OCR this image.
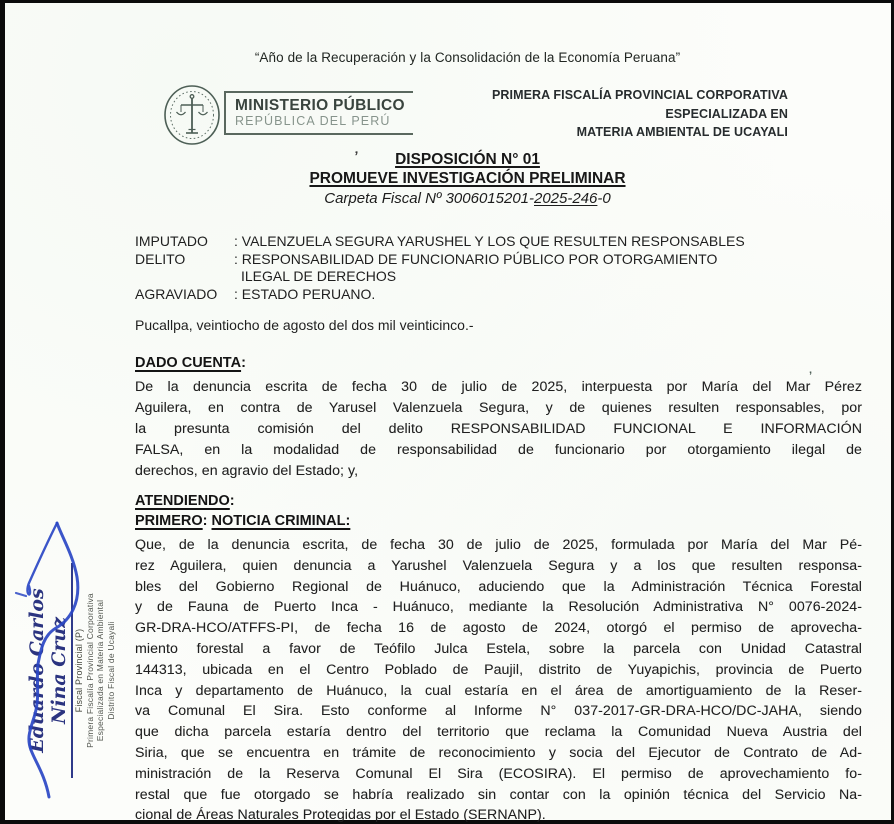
“Año de la Recuperación y la Consolidación de la Economía Peruana”
MINISTERIO PÚBLICO
REPÚBLICA DEL PERÚ
PRIMERA FISCALÍA PROVINCIAL CORPORATIVA ESPECIALIZADA EN
MATERIA AMBIENTAL DE UCAYALI
’
’
DISPOSICIÓN N° 01
PROMUEVE INVESTIGACIÓN PRELIMINAR
Carpeta Fiscal Nº 3006015201-2025-246-0
IMPUTADO : VALENZUELA SEGURA YARUSHEL Y LOS QUE RESULTEN RESPONSABLES
DELITO	: RESPONSABILIDAD DE FUNCIONARIO PÚBLICO POR OTORGAMIENTO
ILEGAL DE DERECHOS
AGRAVIADO : ESTADO PERUANO.
Pucallpa, veintiocho de agosto del dos mil veinticinco.-
DADO CUENTA:
De la denuncia escrita de fecha 30 de julio de 2025, interpuesta por María del Mar Pérez
Aguilera, en contra de Yarusel Valenzuela Segura, y de quienes resulten responsables, por
la presunta comisión del delito RESPONSABILIDAD FUNCIONAL E INFORMACIÓN
FALSA, en la modalidad de responsabilidad de funcionario por otorgamiento ilegal de
derechos, en agravio del Estado; y,
ATENDIENDO:
PRIMERO: NOTICIA CRIMINAL:
Que, de la denuncia escrita, de fecha 30 de julio de 2025, formulada por María del Mar Pé-
rez Aguilera, quien denuncia a Yarushel Valenzuela Segura y a los que resulten responsa-
bles del Gobierno Regional de Huánuco, aduciendo que la Administración Técnica Forestal
y de Fauna de Puerto Inca - Huánuco, mediante la Resolución Administrativa N° 0076-2024-
GR-DRA-HCO/ATFFS-PI, de fecha 16 de agosto de 2024, otorgó el permiso de aprovecha-
miento forestal a favor de Teófilo Julca Estela, sobre la parcela con Unidad Catastral
144313, ubicada en el Centro Poblado de Paujil, distrito de Yuyapichis, provincia de Puerto
Inca y departamento de Huánuco, la cual estaría en el área de amortiguamiento de la Reser-
va Comunal El Sira. Esto conforme al Informe N° 037-2017-GR-DRA-HCO/DC-JAHA, siendo
que dicha parcela estaría dentro del territorio que reclama la Comunidad Nueva Austria del
Siria, que se encuentra en trámite de reconocimiento y socia del Ejecutor de Contrato de Ad-
ministración de la Reserva Comunal El Sira (ECOSIRA). El permiso de aprovechamiento fo-
restal que fue otorgado se habría realizado sin contar con la opinión técnica del Servicio Na-
cional de Áreas Naturales Protegidas por el Estado (SERNANP).
Eduardo Carlos Nina Cruz Fiscal Provincial (P) Primera Fiscalía Provincial Corporativa Especializada en Materia Ambiental Distrito Fiscal de Ucayali
